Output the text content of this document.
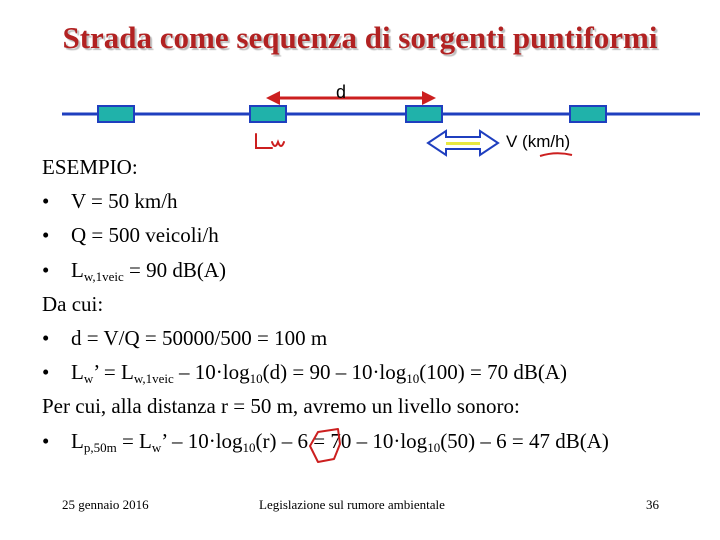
Strada come sequenza di sorgenti puntiformi
d
V (km/h)
ESEMPIO:
• V = 50 km/h
• Q = 500 veicoli/h
• $L_{w,1veic} = 90$ dB(A)
Da cui:
• d = V/Q = 50000/500 = 100 m
• $L_w$’ = $L_{w,1veic} - 10\cdot\log_{10}(d) = 90 - 10\cdot\log_{10}(100) = 70$ dB(A)
Per cui, alla distanza r = 50 m, avremo un livello sonoro:
• $L_{p,50m} = L_w$’ – $10\cdot\log_{10}(r) - 6 = 70 - 10\cdot\log_{10}(50) - 6 = 47$ dB(A)
25 gennaio 2016	Legislazione sul rumore ambientale	36
